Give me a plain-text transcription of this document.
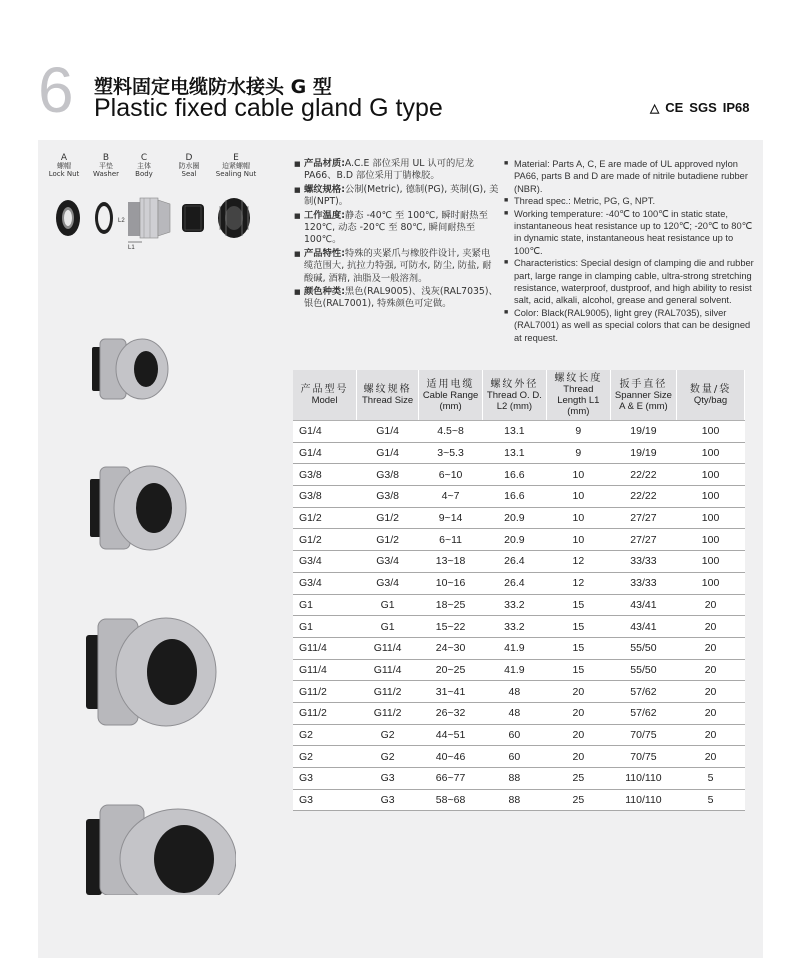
6 塑料固定电缆防水接头 G 型
Plastic fixed cable gland G type	△ CE SGS IP68
A
螺帽
Lock Nut
B
平垫
Washer
C
主体
Body
D
防水圈
Seal
E
迫紧螺帽
Sealing Nut
L1
L2
■ 产品材质:A.C.E 部位采用 UL 认可的尼龙 PA66、B.D 部位采用丁腈橡胶。
■ 螺纹规格:公制(Metric), 德制(PG), 英制(G), 美制(NPT)。
■ 工作温度:静态 -40℃ 至 100℃, 瞬时耐热至 120℃, 动态 -20℃ 至 80℃, 瞬间耐热至 100℃。
■ 产品特性:特殊的夹紧爪与橡胶件设计, 夹紧电缆范围大, 抗拉力特强, 可防水, 防尘, 防盐, 耐酸碱, 酒精, 油脂及一般溶剂。
■ 颜色种类:黑色(RAL9005)、浅灰(RAL7035)、银色(RAL7001), 特殊颜色可定做。
■ Material: Parts A, C, E are made of UL approved nylon PA66, parts B and D are made of nitrile butadiene rubber (NBR).
■ Thread spec.: Metric, PG, G, NPT.
■ Working temperature: -40℃ to 100℃ in static state, instantaneous heat resistance up to 120℃; -20℃ to 80℃ in dynamic state, instantaneous heat resistance up to 100℃.
■ Characteristics: Special design of clamping die and rubber part, large range in clamping cable, ultra-strong stretching resistance, waterproof, dustproof, and high ability to resist salt, acid, alkali, alcohol, grease and general solvent.
■ Color: Black(RAL9005), light grey (RAL7035), silver (RAL7001) as well as special colors that can be designed at request.
产品型号
Model	螺纹规格
Thread Size	适用电缆
Cable Range (mm)	螺纹外径
Thread O. D. L2 (mm)	螺纹长度
Thread Length L1 (mm)	扳手直径
Spanner Size A & E (mm)	数量/袋
Qty/bag
G1/4	G1/4	4.5~8	13.1	9	19/19	100
G1/4	G1/4	3~5.3	13.1	9	19/19	100
G3/8	G3/8	6~10	16.6	10	22/22	100
G3/8	G3/8	4~7	16.6	10	22/22	100
G1/2	G1/2	9~14	20.9	10	27/27	100
G1/2	G1/2	6~11	20.9	10	27/27	100
G3/4	G3/4	13~18	26.4	12	33/33	100
G3/4	G3/4	10~16	26.4	12	33/33	100
G1	G1	18~25	33.2	15	43/41	20
G1	G1	15~22	33.2	15	43/41	20
G11/4	G11/4	24~30	41.9	15	55/50	20
G11/4	G11/4	20~25	41.9	15	55/50	20
G11/2	G11/2	31~41	48	20	57/62	20
G11/2	G11/2	26~32	48	20	57/62	20
G2	G2	44~51	60	20	70/75	20
G2	G2	40~46	60	20	70/75	20
G3	G3	66~77	88	25	110/110	5
G3	G3	58~68	88	25	110/110	5
